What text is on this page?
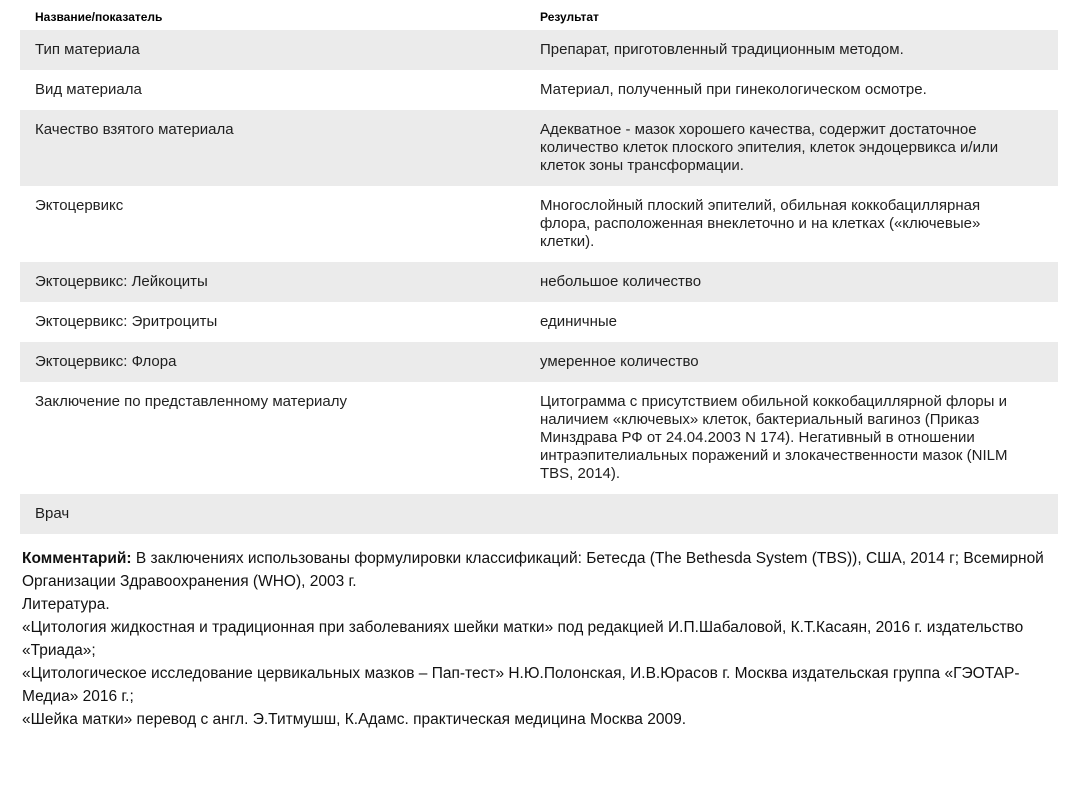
Название/показатель	Результат
Тип материала	Препарат, приготовленный традиционным методом.
Вид материала	Материал, полученный при гинекологическом осмотре.
Качество взятого материала	Адекватное - мазок хорошего качества, содержит достаточное количество клеток плоского эпителия, клеток эндоцервикса и/или клеток зоны трансформации.
Эктоцервикс	Многослойный плоский эпителий, обильная коккобациллярная флора, расположенная внеклеточно и на клетках («ключевые» клетки).
Эктоцервикс: Лейкоциты	небольшое количество
Эктоцервикс: Эритроциты	единичные
Эктоцервикс: Флора	умеренное количество
Заключение по представленному материалу	Цитограмма с присутствием обильной коккобациллярной флоры и наличием «ключевых» клеток, бактериальный вагиноз (Приказ Минздрава РФ от 24.04.2003 N 174). Негативный в отношении интраэпителиальных поражений и злокачественности мазок (NILM TBS, 2014).
Врач

Комментарий: В заключениях использованы формулировки классификаций: Бетесда (The Bethesda System (TBS)), США, 2014 г; Всемирной Организации Здравоохранения (WHO), 2003 г.

Литература.

«Цитология жидкостная и традиционная при заболеваниях шейки матки» под редакцией И.П.Шабаловой, К.Т.Касаян, 2016 г. издательство «Триада»;

«Цитологическое исследование цервикальных мазков – Пап-тест» Н.Ю.Полонская, И.В.Юрасов г. Москва издательская группа «ГЭОТАР-Медиа» 2016 г.;

«Шейка матки» перевод с англ. Э.Титмушш, К.Адамс. практическая медицина Москва 2009.
